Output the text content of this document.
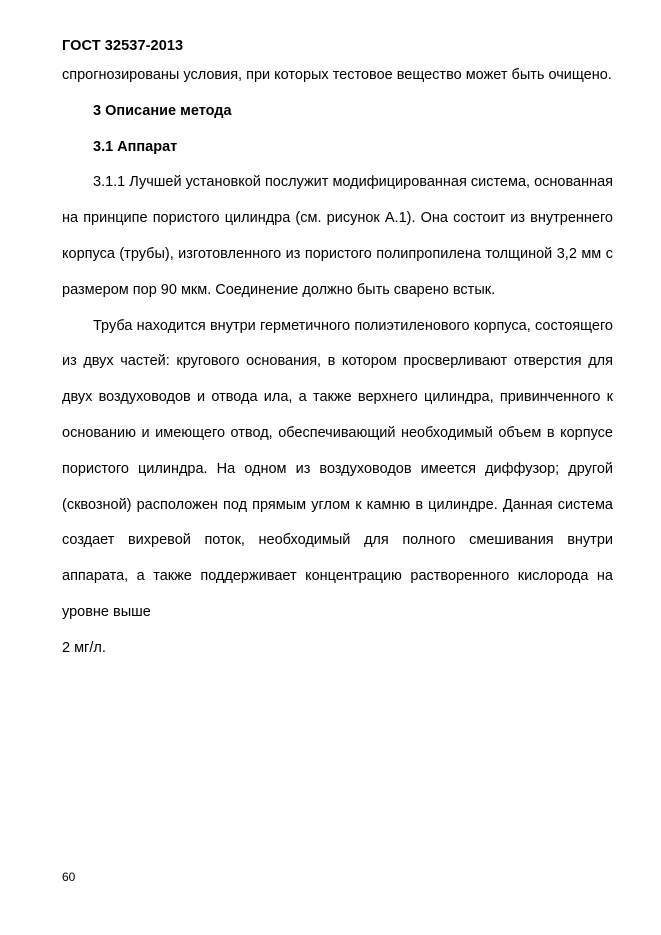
ГОСТ 32537-2013

спрогнозированы условия, при которых тестовое вещество может быть очищено.

3 Описание метода

3.1 Аппарат

3.1.1 Лучшей установкой послужит модифицированная система, основанная на принципе пористого цилиндра (см. рисунок А.1). Она состоит из внутреннего корпуса (трубы), изготовленного из пористого полипропилена толщиной 3,2 мм с размером пор 90 мкм. Соединение должно быть сварено встык.

Труба находится внутри герметичного полиэтиленового корпуса, состоящего из двух частей: кругового основания, в котором просверливают отверстия для двух воздуховодов и отвода ила, а также верхнего цилиндра, привинченного к основанию и имеющего отвод, обеспечивающий необходимый объем в корпусе пористого цилиндра. На одном из воздуховодов имеется диффузор; другой (сквозной) расположен под прямым углом к камню в цилиндре. Данная система создает вихревой поток, необходимый для полного смешивания внутри аппарата, а также поддерживает концентрацию растворенного кислорода на уровне выше

2 мг/л.

60
